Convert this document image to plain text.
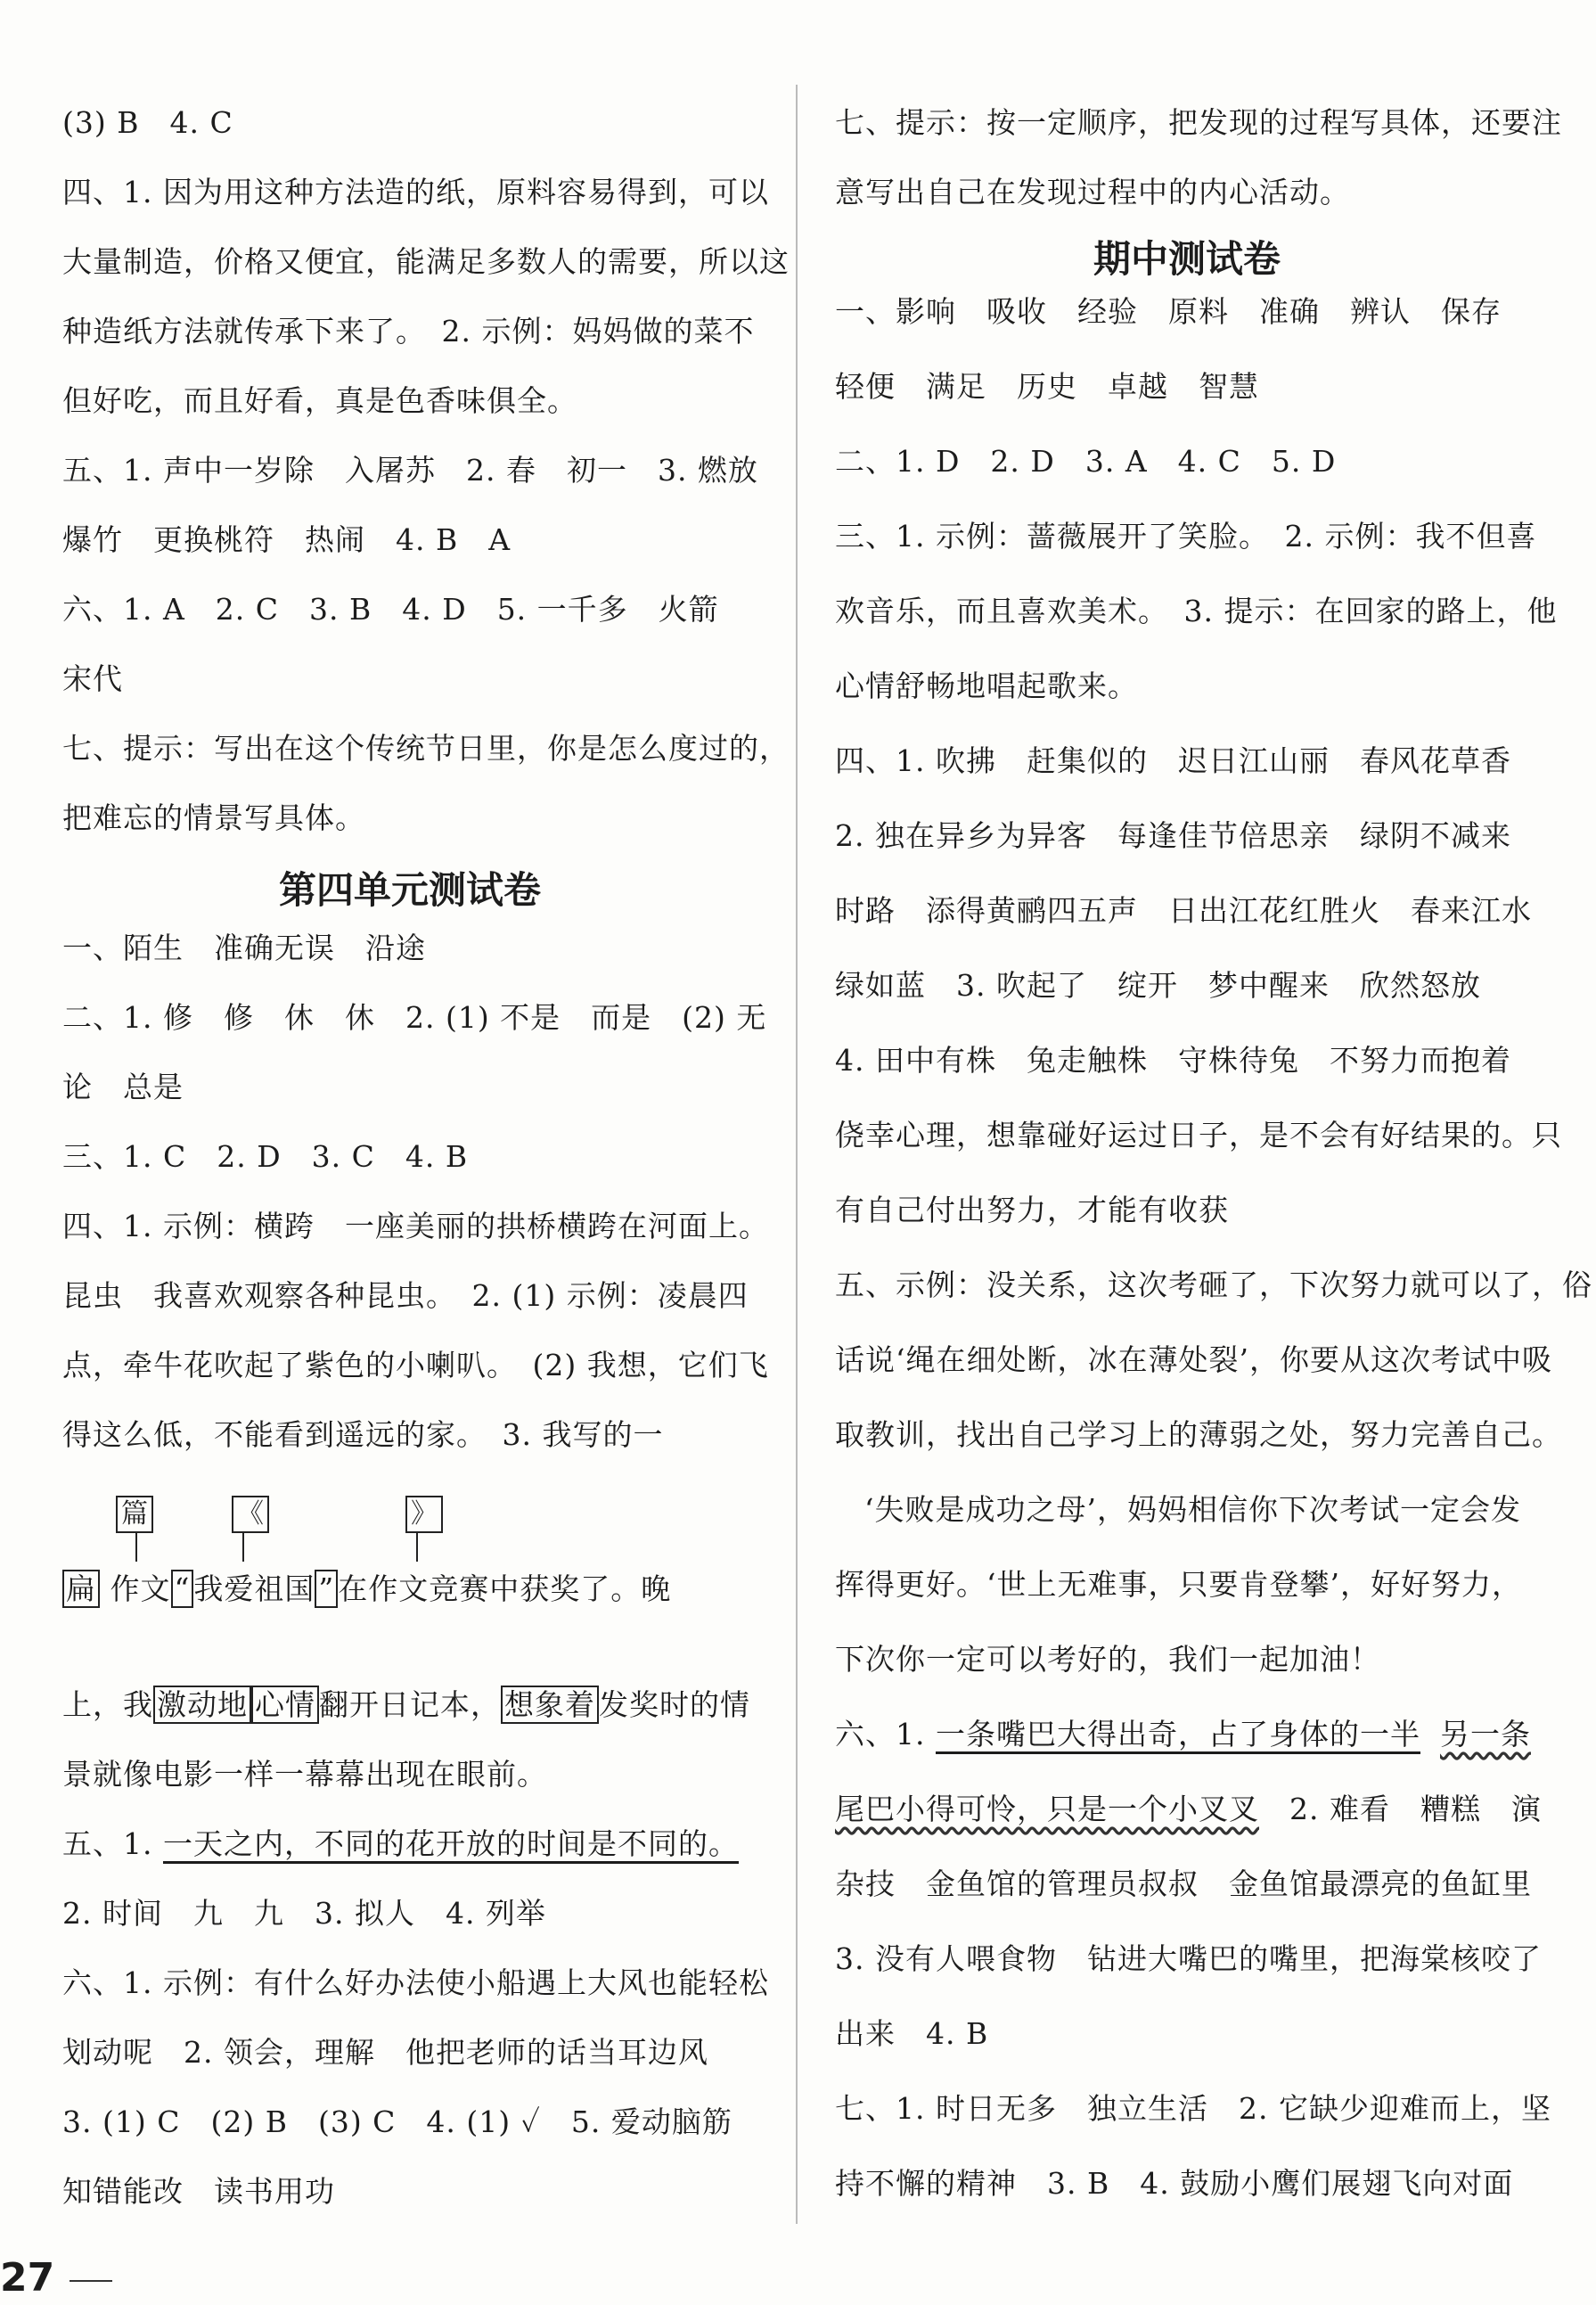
(3) B　4. C
四、1. 因为用这种方法造的纸，原料容易得到，可以
大量制造，价格又便宜，能满足多数人的需要，所以这
种造纸方法就传承下来了。　2. 示例：妈妈做的菜不
但好吃，而且好看，真是色香味俱全。
五、1. 声中一岁除　入屠苏　2. 春　初一　3. 燃放
爆竹　更换桃符　热闹　4. B　A
六、1. A　2. C　3. B　4. D　5. 一千多　火箭
宋代
七、提示：写出在这个传统节日里，你是怎么度过的，
把难忘的情景写具体。
第四单元测试卷
一、陌生　准确无误　沿途
二、1. 修　修　休　休　2. (1) 不是　而是　(2) 无
论　总是
三、1. C　2. D　3. C　4. B
四、1. 示例：横跨　一座美丽的拱桥横跨在河面上。
昆虫　我喜欢观察各种昆虫。　2. (1) 示例：凌晨四
点，牵牛花吹起了紫色的小喇叭。　(2) 我想，它们飞
得这么低，不能看到遥远的家。　3. 我写的一
篇	《	》
扁 作文 “ 我爱祖国 ” 在作文竞赛中获奖了。晚
上，我 激动地 心情 翻开日记本， 想象着 发奖时的情
景就像电影一样一幕幕出现在眼前。
五、1. 一天之内，不同的花开放的时间是不同的。
2. 时间　九　九　3. 拟人　4. 列举
六、1. 示例：有什么好办法使小船遇上大风也能轻松
划动呢　2. 领会，理解　他把老师的话当耳边风
3. (1) C　(2) B　(3) C　4. (1) ✓　5. 爱动脑筋
知错能改　读书用功
七、提示：按一定顺序，把发现的过程写具体，还要注
意写出自己在发现过程中的内心活动。
期中测试卷
一、影响　吸收　经验　原料　准确　辨认　保存
轻便　满足　历史　卓越　智慧
二、1. D　2. D　3. A　4. C　5. D
三、1. 示例：蔷薇展开了笑脸。　2. 示例：我不但喜
欢音乐，而且喜欢美术。　3. 提示：在回家的路上，他
心情舒畅地唱起歌来。
四、1. 吹拂　赶集似的　迟日江山丽　春风花草香
2. 独在异乡为异客　每逢佳节倍思亲　绿阴不减来
时路　添得黄鹂四五声　日出江花红胜火　春来江水
绿如蓝　3. 吹起了　绽开　梦中醒来　欣然怒放
4. 田中有株　兔走触株　守株待兔　不努力而抱着
侥幸心理，想靠碰好运过日子，是不会有好结果的。只
有自己付出努力，才能有收获
五、示例：没关系，这次考砸了，下次努力就可以了，俗
话说‘绳在细处断，冰在薄处裂’，你要从这次考试中吸
取教训，找出自己学习上的薄弱之处，努力完善自己。
‘失败是成功之母’，妈妈相信你下次考试一定会发
挥得更好。‘世上无难事，只要肯登攀’，好好努力，
下次你一定可以考好的，我们一起加油！
六、1. 一条嘴巴大得出奇，占了身体的一半 另一条
尾巴小得可怜，只是一个小叉叉　2. 难看　糟糕　演
杂技　金鱼馆的管理员叔叔　金鱼馆最漂亮的鱼缸里
3. 没有人喂食物　钻进大嘴巴的嘴里，把海棠核咬了
出来　4. B
七、1. 时日无多　独立生活　2. 它缺少迎难而上，坚
持不懈的精神　3. B　4. 鼓励小鹰们展翅飞向对面
27
